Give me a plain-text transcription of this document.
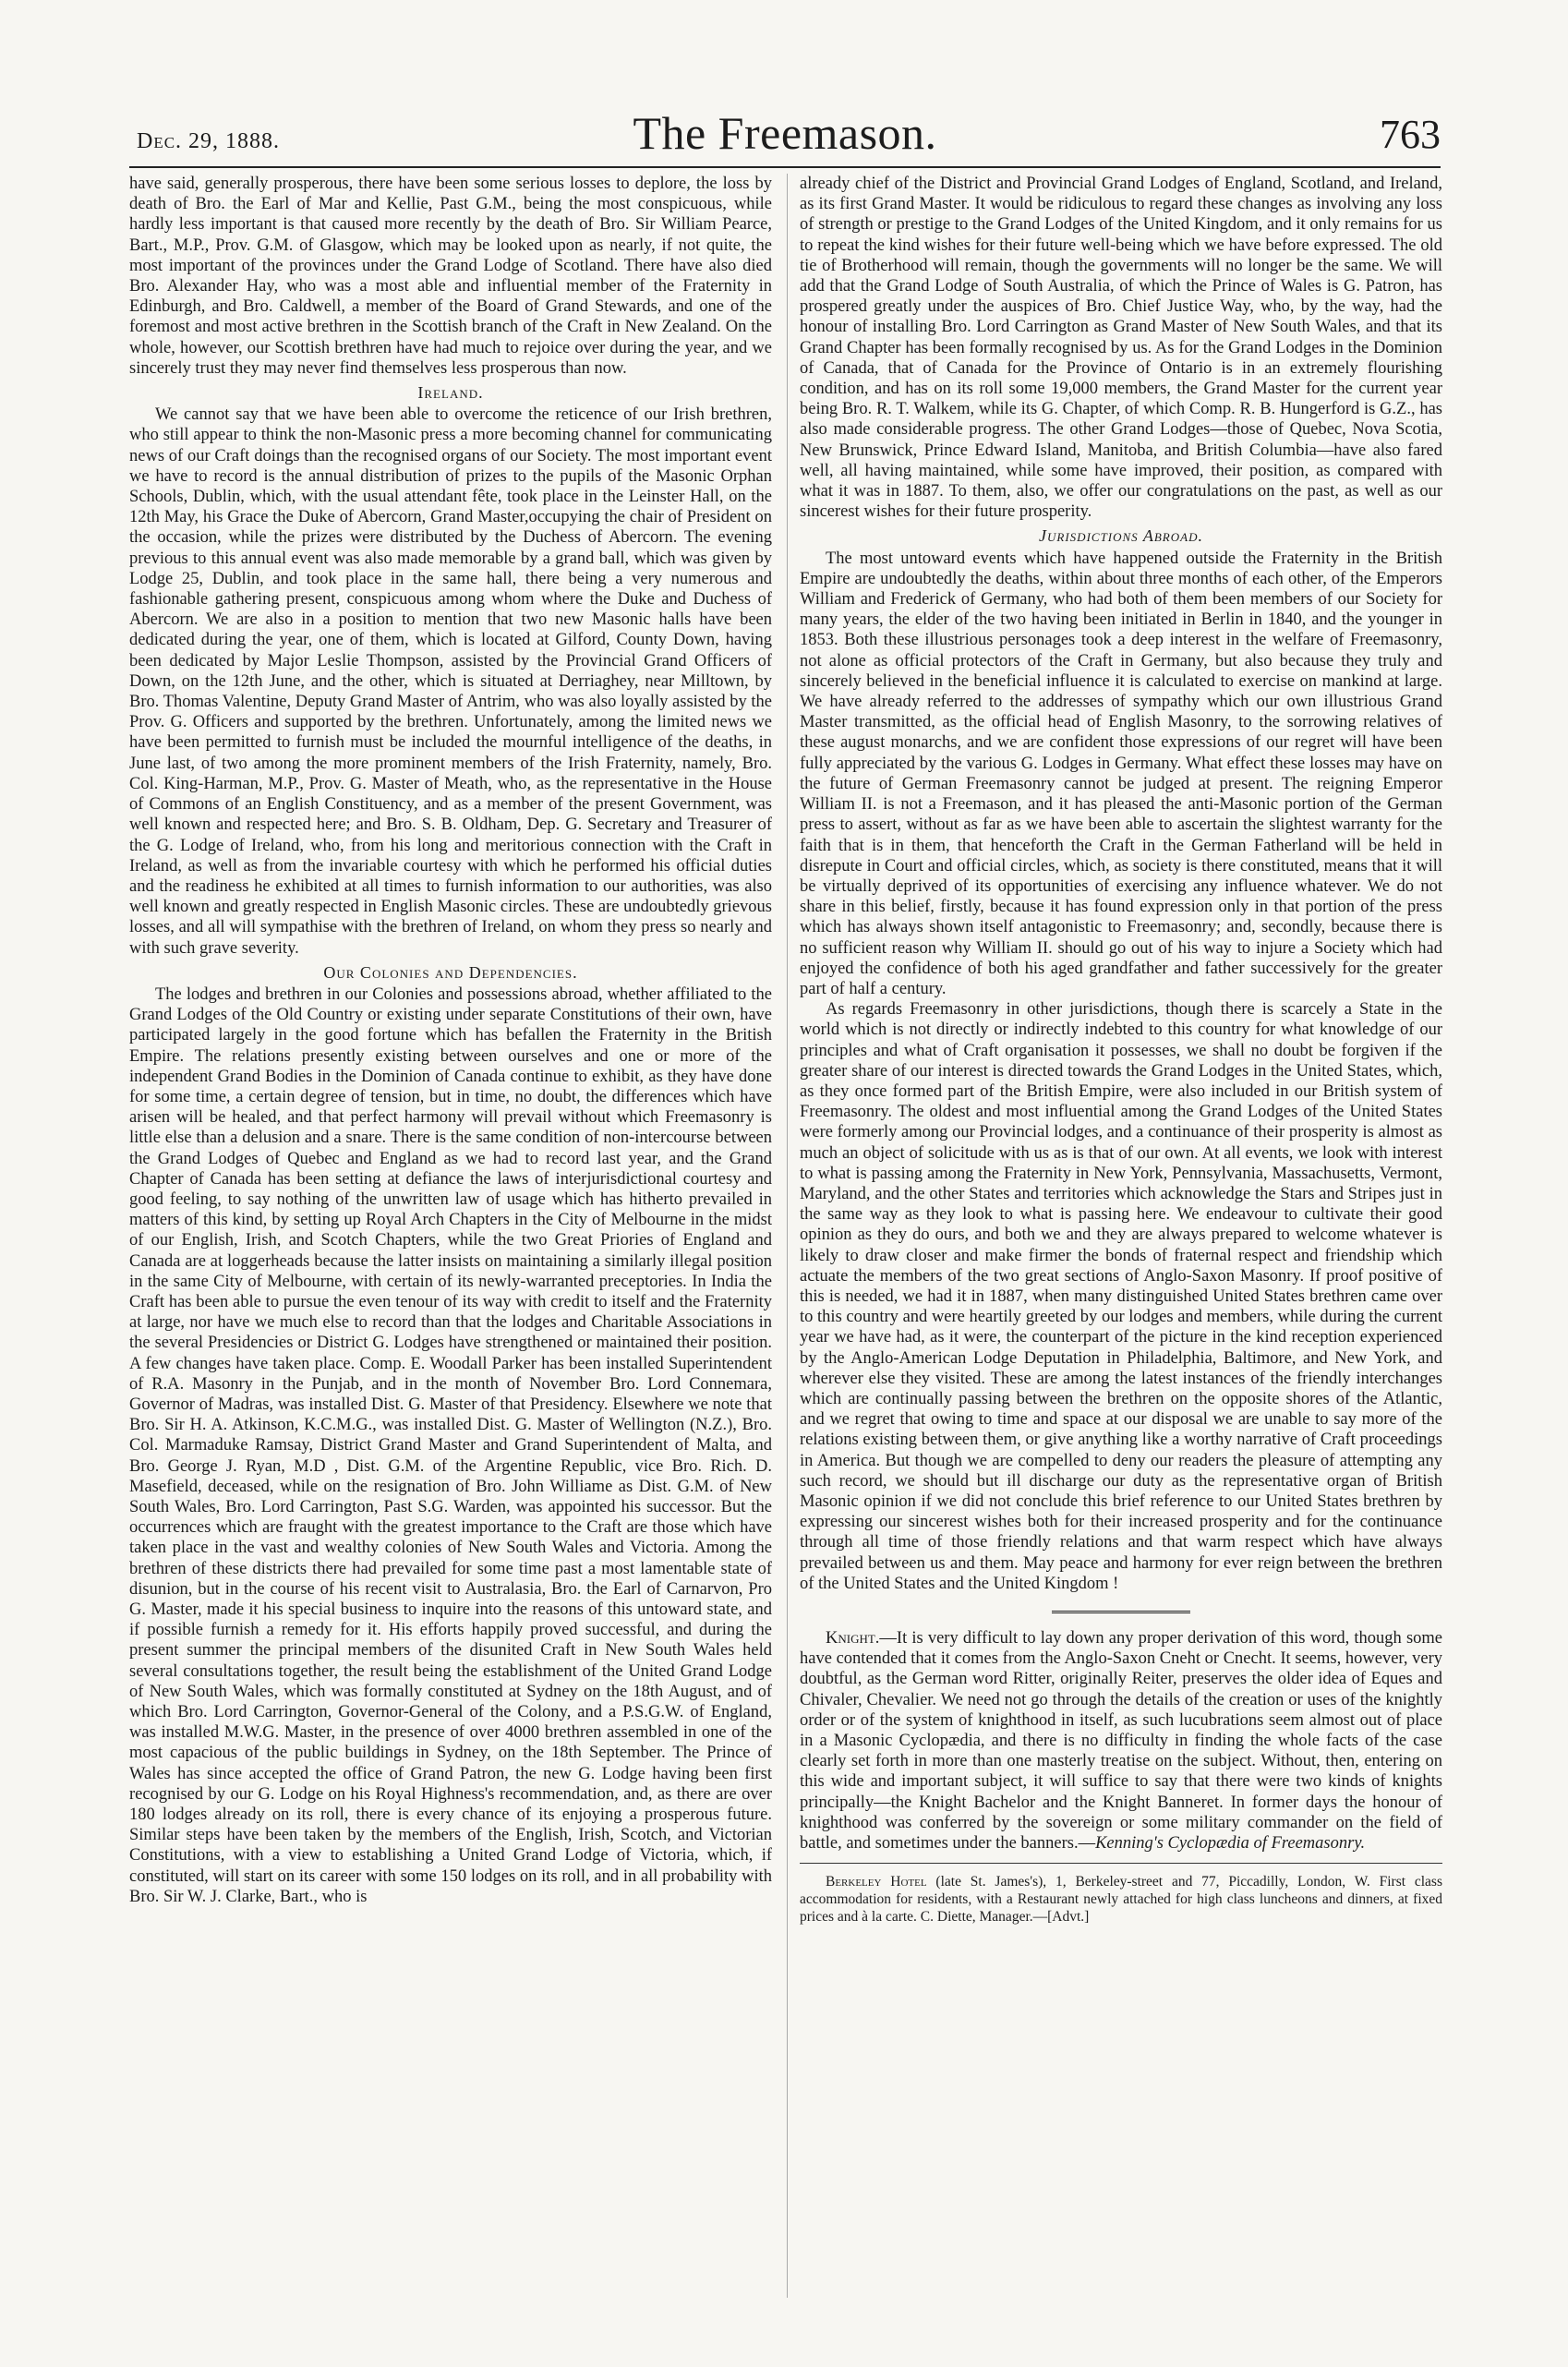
Dec. 29, 1888.	The Freemason.	763

have said, generally prosperous, there have been some serious losses to deplore, the loss by death of Bro. the Earl of Mar and Kellie, Past G.M., being the most conspicuous, while hardly less important is that caused more recently by the death of Bro. Sir William Pearce, Bart., M.P., Prov. G.M. of Glasgow, which may be looked upon as nearly, if not quite, the most important of the provinces under the Grand Lodge of Scotland. There have also died Bro. Alexander Hay, who was a most able and influential member of the Fraternity in Edinburgh, and Bro. Caldwell, a member of the Board of Grand Stewards, and one of the foremost and most active brethren in the Scottish branch of the Craft in New Zealand. On the whole, however, our Scottish brethren have had much to rejoice over during the year, and we sincerely trust they may never find themselves less prosperous than now.

Ireland.

We cannot say that we have been able to overcome the reticence of our Irish brethren, who still appear to think the non-Masonic press a more becoming channel for communicating news of our Craft doings than the recognised organs of our Society. The most important event we have to record is the annual distribution of prizes to the pupils of the Masonic Orphan Schools, Dublin, which, with the usual attendant fête, took place in the Leinster Hall, on the 12th May, his Grace the Duke of Abercorn, Grand Master,occupying the chair of President on the occasion, while the prizes were distributed by the Duchess of Abercorn. The evening previous to this annual event was also made memorable by a grand ball, which was given by Lodge 25, Dublin, and took place in the same hall, there being a very numerous and fashionable gathering present, conspicuous among whom where the Duke and Duchess of Abercorn. We are also in a position to mention that two new Masonic halls have been dedicated during the year, one of them, which is located at Gilford, County Down, having been dedicated by Major Leslie Thompson, assisted by the Provincial Grand Officers of Down, on the 12th June, and the other, which is situated at Derriaghey, near Milltown, by Bro. Thomas Valentine, Deputy Grand Master of Antrim, who was also loyally assisted by the Prov. G. Officers and supported by the brethren. Unfortunately, among the limited news we have been permitted to furnish must be included the mournful intelligence of the deaths, in June last, of two among the more prominent members of the Irish Fraternity, namely, Bro. Col. King-Harman, M.P., Prov. G. Master of Meath, who, as the representative in the House of Commons of an English Constituency, and as a member of the present Government, was well known and respected here; and Bro. S. B. Oldham, Dep. G. Secretary and Treasurer of the G. Lodge of Ireland, who, from his long and meritorious connection with the Craft in Ireland, as well as from the invariable courtesy with which he performed his official duties and the readiness he exhibited at all times to furnish information to our authorities, was also well known and greatly respected in English Masonic circles. These are undoubtedly grievous losses, and all will sympathise with the brethren of Ireland, on whom they press so nearly and with such grave severity.

Our Colonies and Dependencies.

The lodges and brethren in our Colonies and possessions abroad, whether affiliated to the Grand Lodges of the Old Country or existing under separate Constitutions of their own, have participated largely in the good fortune which has befallen the Fraternity in the British Empire. The relations presently existing between ourselves and one or more of the independent Grand Bodies in the Dominion of Canada continue to exhibit, as they have done for some time, a certain degree of tension, but in time, no doubt, the differences which have arisen will be healed, and that perfect harmony will prevail without which Freemasonry is little else than a delusion and a snare. There is the same condition of non-intercourse between the Grand Lodges of Quebec and England as we had to record last year, and the Grand Chapter of Canada has been setting at defiance the laws of interjurisdictional courtesy and good feeling, to say nothing of the unwritten law of usage which has hitherto prevailed in matters of this kind, by setting up Royal Arch Chapters in the City of Melbourne in the midst of our English, Irish, and Scotch Chapters, while the two Great Priories of England and Canada are at loggerheads because the latter insists on maintaining a similarly illegal position in the same City of Melbourne, with certain of its newly-warranted preceptories. In India the Craft has been able to pursue the even tenour of its way with credit to itself and the Fraternity at large, nor have we much else to record than that the lodges and Charitable Associations in the several Presidencies or District G. Lodges have strengthened or maintained their position. A few changes have taken place. Comp. E. Woodall Parker has been installed Superintendent of R.A. Masonry in the Punjab, and in the month of November Bro. Lord Connemara, Governor of Madras, was installed Dist. G. Master of that Presidency. Elsewhere we note that Bro. Sir H. A. Atkinson, K.C.M.G., was installed Dist. G. Master of Wellington (N.Z.), Bro. Col. Marmaduke Ramsay, District Grand Master and Grand Superintendent of Malta, and Bro. George J. Ryan, M.D , Dist. G.M. of the Argentine Republic, vice Bro. Rich. D. Masefield, deceased, while on the resignation of Bro. John Williame as Dist. G.M. of New South Wales, Bro. Lord Carrington, Past S.G. Warden, was appointed his successor. But the occurrences which are fraught with the greatest importance to the Craft are those which have taken place in the vast and wealthy colonies of New South Wales and Victoria. Among the brethren of these districts there had prevailed for some time past a most lamentable state of disunion, but in the course of his recent visit to Australasia, Bro. the Earl of Carnarvon, Pro G. Master, made it his special business to inquire into the reasons of this untoward state, and if possible furnish a remedy for it. His efforts happily proved successful, and during the present summer the principal members of the disunited Craft in New South Wales held several consultations together, the result being the establishment of the United Grand Lodge of New South Wales, which was formally constituted at Sydney on the 18th August, and of which Bro. Lord Carrington, Governor-General of the Colony, and a P.S.G.W. of England, was installed M.W.G. Master, in the presence of over 4000 brethren assembled in one of the most capacious of the public buildings in Sydney, on the 18th September. The Prince of Wales has since accepted the office of Grand Patron, the new G. Lodge having been first recognised by our G. Lodge on his Royal Highness's recommendation, and, as there are over 180 lodges already on its roll, there is every chance of its enjoying a prosperous future. Similar steps have been taken by the members of the English, Irish, Scotch, and Victorian Constitutions, with a view to establishing a United Grand Lodge of Victoria, which, if constituted, will start on its career with some 150 lodges on its roll, and in all probability with Bro. Sir W. J. Clarke, Bart., who is

already chief of the District and Provincial Grand Lodges of England, Scotland, and Ireland, as its first Grand Master. It would be ridiculous to regard these changes as involving any loss of strength or prestige to the Grand Lodges of the United Kingdom, and it only remains for us to repeat the kind wishes for their future well-being which we have before expressed. The old tie of Brotherhood will remain, though the governments will no longer be the same. We will add that the Grand Lodge of South Australia, of which the Prince of Wales is G. Patron, has prospered greatly under the auspices of Bro. Chief Justice Way, who, by the way, had the honour of installing Bro. Lord Carrington as Grand Master of New South Wales, and that its Grand Chapter has been formally recognised by us. As for the Grand Lodges in the Dominion of Canada, that of Canada for the Province of Ontario is in an extremely flourishing condition, and has on its roll some 19,000 members, the Grand Master for the current year being Bro. R. T. Walkem, while its G. Chapter, of which Comp. R. B. Hungerford is G.Z., has also made considerable progress. The other Grand Lodges—those of Quebec, Nova Scotia, New Brunswick, Prince Edward Island, Manitoba, and British Columbia—have also fared well, all having maintained, while some have improved, their position, as compared with what it was in 1887. To them, also, we offer our congratulations on the past, as well as our sincerest wishes for their future prosperity.

Jurisdictions Abroad.

The most untoward events which have happened outside the Fraternity in the British Empire are undoubtedly the deaths, within about three months of each other, of the Emperors William and Frederick of Germany, who had both of them been members of our Society for many years, the elder of the two having been initiated in Berlin in 1840, and the younger in 1853. Both these illustrious personages took a deep interest in the welfare of Freemasonry, not alone as official protectors of the Craft in Germany, but also because they truly and sincerely believed in the beneficial influence it is calculated to exercise on mankind at large. We have already referred to the addresses of sympathy which our own illustrious Grand Master transmitted, as the official head of English Masonry, to the sorrowing relatives of these august monarchs, and we are confident those expressions of our regret will have been fully appreciated by the various G. Lodges in Germany. What effect these losses may have on the future of German Freemasonry cannot be judged at present. The reigning Emperor William II. is not a Freemason, and it has pleased the anti-Masonic portion of the German press to assert, without as far as we have been able to ascertain the slightest warranty for the faith that is in them, that henceforth the Craft in the German Fatherland will be held in disrepute in Court and official circles, which, as society is there constituted, means that it will be virtually deprived of its opportunities of exercising any influence whatever. We do not share in this belief, firstly, because it has found expression only in that portion of the press which has always shown itself antagonistic to Freemasonry; and, secondly, because there is no sufficient reason why William II. should go out of his way to injure a Society which had enjoyed the confidence of both his aged grandfather and father successively for the greater part of half a century.

As regards Freemasonry in other jurisdictions, though there is scarcely a State in the world which is not directly or indirectly indebted to this country for what knowledge of our principles and what of Craft organisation it possesses, we shall no doubt be forgiven if the greater share of our interest is directed towards the Grand Lodges in the United States, which, as they once formed part of the British Empire, were also included in our British system of Freemasonry. The oldest and most influential among the Grand Lodges of the United States were formerly among our Provincial lodges, and a continuance of their prosperity is almost as much an object of solicitude with us as is that of our own. At all events, we look with interest to what is passing among the Fraternity in New York, Pennsylvania, Massachusetts, Vermont, Maryland, and the other States and territories which acknowledge the Stars and Stripes just in the same way as they look to what is passing here. We endeavour to cultivate their good opinion as they do ours, and both we and they are always prepared to welcome whatever is likely to draw closer and make firmer the bonds of fraternal respect and friendship which actuate the members of the two great sections of Anglo-Saxon Masonry. If proof positive of this is needed, we had it in 1887, when many distinguished United States brethren came over to this country and were heartily greeted by our lodges and members, while during the current year we have had, as it were, the counterpart of the picture in the kind reception experienced by the Anglo-American Lodge Deputation in Philadelphia, Baltimore, and New York, and wherever else they visited. These are among the latest instances of the friendly interchanges which are continually passing between the brethren on the opposite shores of the Atlantic, and we regret that owing to time and space at our disposal we are unable to say more of the relations existing between them, or give anything like a worthy narrative of Craft proceedings in America. But though we are compelled to deny our readers the pleasure of attempting any such record, we should but ill discharge our duty as the representative organ of British Masonic opinion if we did not conclude this brief reference to our United States brethren by expressing our sincerest wishes both for their increased prosperity and for the continuance through all time of those friendly relations and that warm respect which have always prevailed between us and them. May peace and harmony for ever reign between the brethren of the United States and the United Kingdom !

Knight.—It is very difficult to lay down any proper derivation of this word, though some have contended that it comes from the Anglo-Saxon Cneht or Cnecht. It seems, however, very doubtful, as the German word Ritter, originally Reiter, preserves the older idea of Eques and Chivaler, Chevalier. We need not go through the details of the creation or uses of the knightly order or of the system of knighthood in itself, as such lucubrations seem almost out of place in a Masonic Cyclopædia, and there is no difficulty in finding the whole facts of the case clearly set forth in more than one masterly treatise on the subject. Without, then, entering on this wide and important subject, it will suffice to say that there were two kinds of knights principally—the Knight Bachelor and the Knight Banneret. In former days the honour of knighthood was conferred by the sovereign or some military commander on the field of battle, and sometimes under the banners.—Kenning's Cyclopædia of Freemasonry.

Berkeley Hotel (late St. James's), 1, Berkeley-street and 77, Piccadilly, London, W. First class accommodation for residents, with a Restaurant newly attached for high class luncheons and dinners, at fixed prices and à la carte. C. Diette, Manager.—[Advt.]
